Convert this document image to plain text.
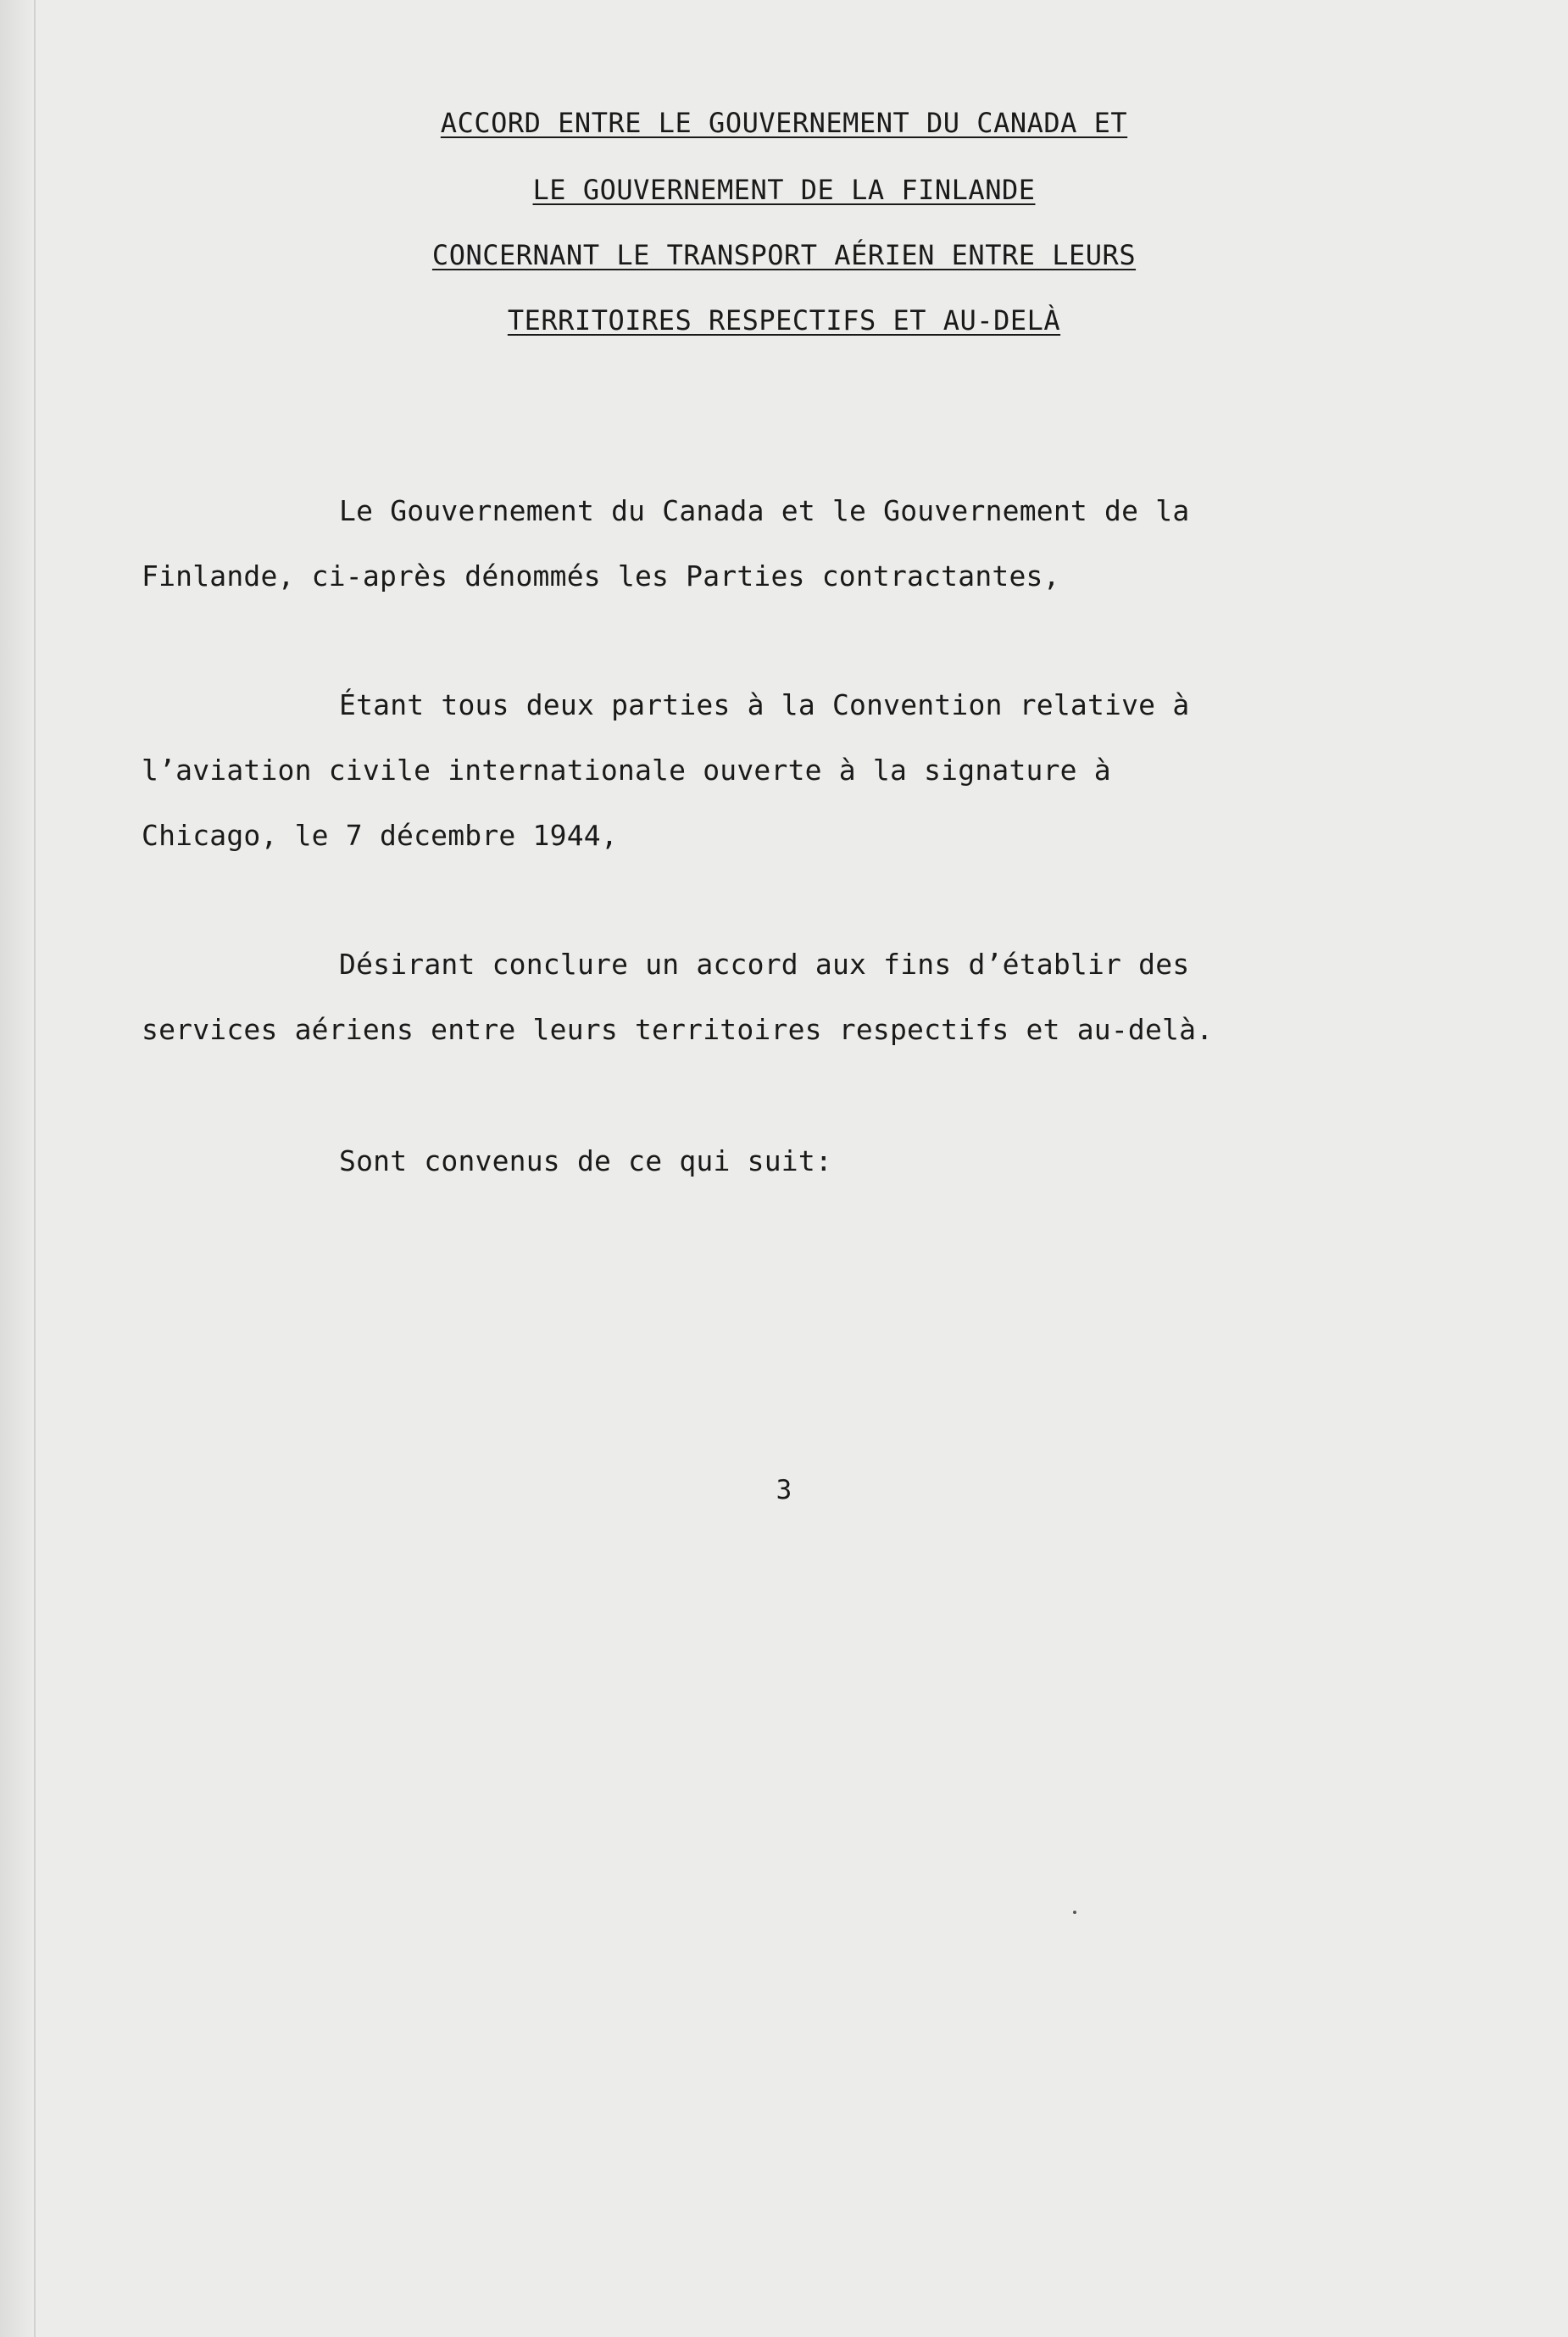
ACCORD ENTRE LE GOUVERNEMENT DU CANADA ET
LE GOUVERNEMENT DE LA FINLANDE
CONCERNANT LE TRANSPORT AÉRIEN ENTRE LEURS
TERRITOIRES RESPECTIFS ET AU-DELÀ
Le Gouvernement du Canada et le Gouvernement de la
Finlande, ci-après dénommés les Parties contractantes,
Étant tous deux parties à la Convention relative à
l’aviation civile internationale ouverte à la signature à
Chicago, le 7 décembre 1944,
Désirant conclure un accord aux fins d’établir des
services aériens entre leurs territoires respectifs et au-delà.
Sont convenus de ce qui suit:
3
